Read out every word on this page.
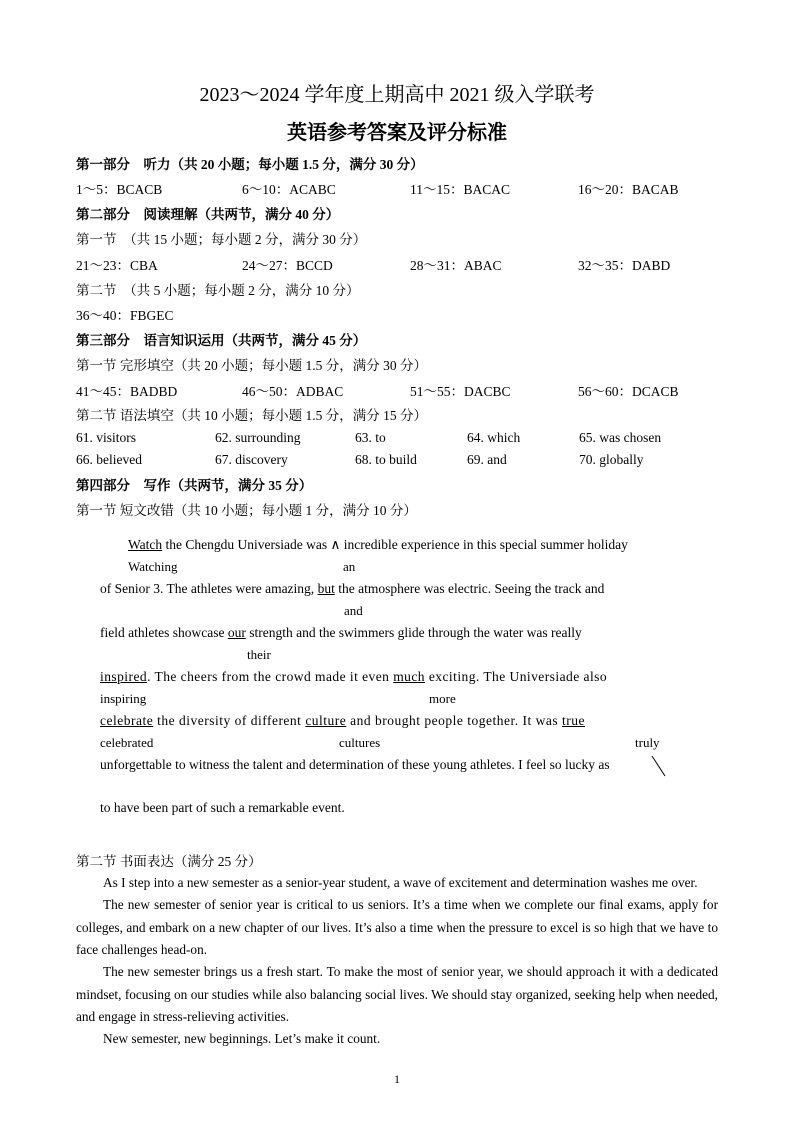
2023～2024 学年度上期高中 2021 级入学联考
英语参考答案及评分标准
第一部分　听力（共 20 小题；每小题 1.5 分，满分 30 分）
1～5：BCACB	6～10：ACABC	11～15：BACAC	16～20：BACAB
第二部分　阅读理解（共两节，满分 40 分）
第一节　（共 15 小题；每小题 2 分，满分 30 分）
21～23：CBA	24～27：BCCD	28～31：ABAC	32～35：DABD
第二节　（共 5 小题；每小题 2 分，满分 10 分）
36～40：FBGEC
第三部分　语言知识运用（共两节，满分 45 分）
第一节 完形填空（共 20 小题；每小题 1.5 分，满分 30 分）
41～45：BADBD	46～50：ADBAC	51～55：DACBC	56～60：DCACB
第二节 语法填空（共 10 小题；每小题 1.5 分，满分 15 分）
61. visitors	62. surrounding	63. to	64. which	65. was chosen
66. believed	67. discovery	68. to build	69. and	70. globally
第四部分　写作（共两节，满分 35 分）
第一节 短文改错（共 10 小题；每小题 1 分，满分 10 分）
Watch the Chengdu Universiade was ∧ incredible experience in this special summer holiday
Watching	an
of Senior 3. The athletes were amazing, but the atmosphere was electric. Seeing the track and
and
field athletes showcase our strength and the swimmers glide through the water was really
their
inspired. The cheers from the crowd made it even much exciting. The Universiade also
inspiring	more
celebrate the diversity of different culture and brought people together. It was true
celebrated	cultures	truly
unforgettable to witness the talent and determination of these young athletes. I feel so lucky as
to have been part of such a remarkable event.
第二节 书面表达（满分 25 分）
As I step into a new semester as a senior-year student, a wave of excitement and determination washes me over.
The new semester of senior year is critical to us seniors. It’s a time when we complete our final exams, apply for colleges, and embark on a new chapter of our lives. It’s also a time when the pressure to excel is so high that we have to face challenges head-on.
The new semester brings us a fresh start. To make the most of senior year, we should approach it with a dedicated mindset, focusing on our studies while also balancing social lives. We should stay organized, seeking help when needed, and engage in stress-relieving activities.
New semester, new beginnings. Let’s make it count.
1
